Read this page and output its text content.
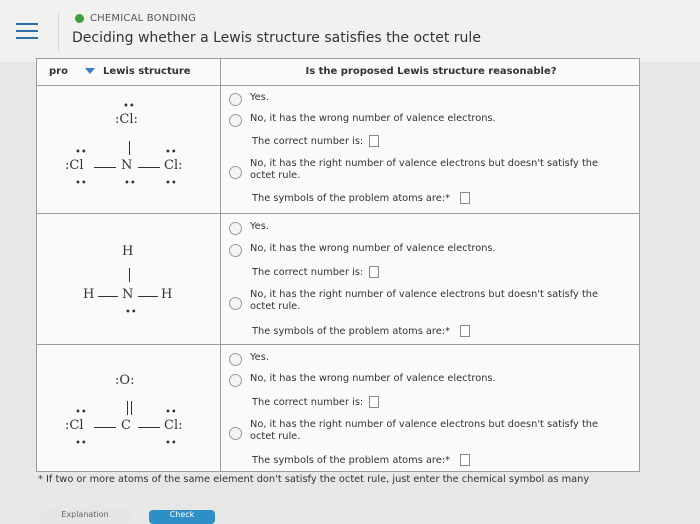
CHEMICAL BONDING
Deciding whether a Lewis structure satisfies the octet rule
pro	Lewis structure	Is the proposed Lewis structure reasonable?
••
:Cl:
••	••
:Cl	N Cl:
••	••	••
Yes.
No, it has the wrong number of valence electrons.
The correct number is:
No, it has the right number of valence electrons but doesn't satisfy the
octet rule.
The symbols of the problem atoms are:*
H
H N H
••
Yes.
No, it has the wrong number of valence electrons.
The correct number is:
No, it has the right number of valence electrons but doesn't satisfy the
octet rule.
The symbols of the problem atoms are:*
:O:
••	••
:Cl	C	Cl:
••	••
Yes.
No, it has the wrong number of valence electrons.
The correct number is:
No, it has the right number of valence electrons but doesn't satisfy the
octet rule.
The symbols of the problem atoms are:*
* If two or more atoms of the same element don't satisfy the octet rule, just enter the chemical symbol as many
Explanation	Check
